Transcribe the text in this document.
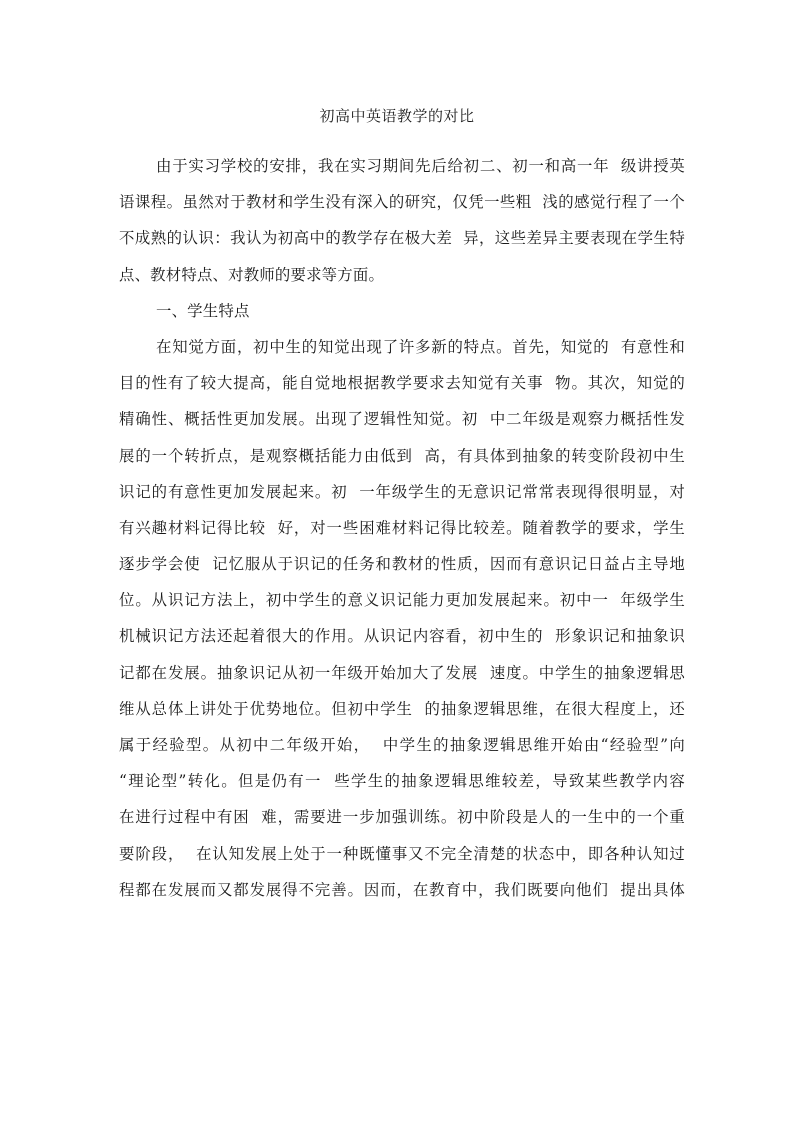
初高中英语教学的对比
由于实习学校的安排，我在实习期间先后给初二、初一和高一年  级讲授英
语课程。虽然对于教材和学生没有深入的研究，仅凭一些粗  浅的感觉行程了一个
不成熟的认识：我认为初高中的教学存在极大差  异，这些差异主要表现在学生特
点、教材特点、对教师的要求等方面。
一、学生特点
在知觉方面，初中生的知觉出现了许多新的特点。首先，知觉的  有意性和
目的性有了较大提高，能自觉地根据教学要求去知觉有关事  物。其次，知觉的
精确性、概括性更加发展。出现了逻辑性知觉。初  中二年级是观察力概括性发
展的一个转折点，是观察概括能力由低到  高，有具体到抽象的转变阶段初中生
识记的有意性更加发展起来。初  一年级学生的无意识记常常表现得很明显，对
有兴趣材料记得比较  好，对一些困难材料记得比较差。随着教学的要求，学生
逐步学会使  记忆服从于识记的任务和教材的性质，因而有意识记日益占主导地
位。从识记方法上，初中学生的意义识记能力更加发展起来。初中一  年级学生
机械识记方法还起着很大的作用。从识记内容看，初中生的  形象识记和抽象识
记都在发展。抽象识记从初一年级开始加大了发展  速度。中学生的抽象逻辑思
维从总体上讲处于优势地位。但初中学生  的抽象逻辑思维，在很大程度上，还
属于经验型。从初中二年级开始，  中学生的抽象逻辑思维开始由“经验型”向
“理论型”转化。但是仍有一  些学生的抽象逻辑思维较差，导致某些教学内容
在进行过程中有困  难，需要进一步加强训练。初中阶段是人的一生中的一个重
要阶段，  在认知发展上处于一种既懂事又不完全清楚的状态中，即各种认知过
程都在发展而又都发展得不完善。因而，在教育中，我们既要向他们  提出具体
